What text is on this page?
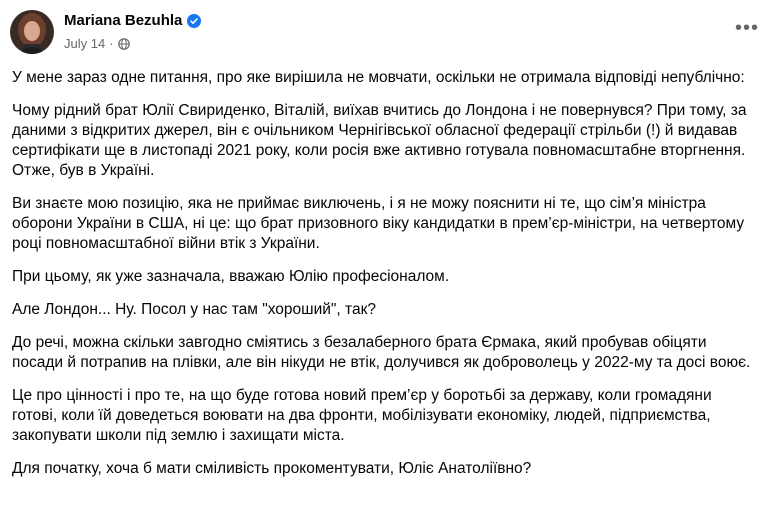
Mariana Bezuhla
July 14 ·
•••

У мене зараз одне питання, про яке вирішила не мовчати, оскільки не отримала відповіді непублічно:

Чому рідний брат Юлії Свириденко, Віталій, виїхав вчитись до Лондона і не повернувся? При тому, за даними з відкритих джерел, він є очільником Чернігівської обласної федерації стрільби (!) й видавав сертифікати ще в листопаді 2021 року, коли росія вже активно готувала повномасштабне вторгнення. Отже, був в Україні.

Ви знаєте мою позицію, яка не приймає виключень, і я не можу пояснити ні те, що сім’я міністра оборони України в США, ні це: що брат призовного віку кандидатки в прем’єр-міністри, на четвертому році повномасштабної війни втік з України.

При цьому, як уже зазначала, вважаю Юлію професіоналом.

Але Лондон... Ну. Посол у нас там "хороший", так?

До речі, можна скільки завгодно сміятись з безалаберного брата Єрмака, який пробував обіцяти посади й потрапив на плівки, але він нікуди не втік, долучився як доброволець у 2022-му та досі воює.

Це про цінності і про те, на що буде готова новий прем’єр у боротьбі за державу, коли громадяни готові, коли їй доведеться воювати на два фронти, мобілізувати економіку, людей, підприємства, закопувати школи під землю і захищати міста.

Для початку, хоча б мати сміливість прокоментувати, Юліє Анатоліївно?
